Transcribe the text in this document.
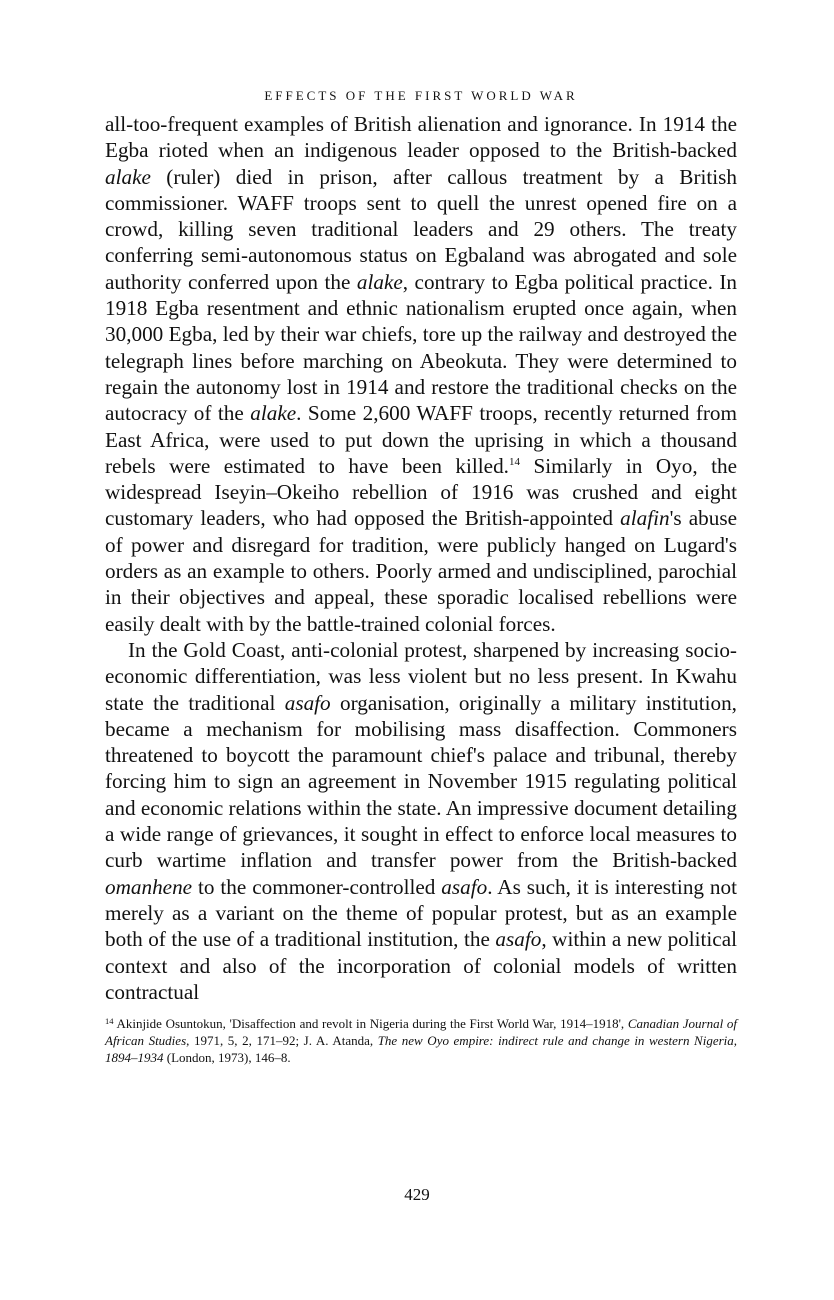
EFFECTS OF THE FIRST WORLD WAR

all-too-frequent examples of British alienation and ignorance. In 1914 the Egba rioted when an indigenous leader opposed to the British-backed alake (ruler) died in prison, after callous treatment by a British commissioner. WAFF troops sent to quell the unrest opened fire on a crowd, killing seven traditional leaders and 29 others. The treaty conferring semi-autonomous status on Egbaland was abrogated and sole authority conferred upon the alake, contrary to Egba political practice. In 1918 Egba resentment and ethnic nationalism erupted once again, when 30,000 Egba, led by their war chiefs, tore up the railway and destroyed the telegraph lines before marching on Abeokuta. They were determined to regain the autonomy lost in 1914 and restore the traditional checks on the autocracy of the alake. Some 2,600 WAFF troops, recently returned from East Africa, were used to put down the uprising in which a thousand rebels were estimated to have been killed.$^{14}$ Similarly in Oyo, the widespread Iseyin–Okeiho rebellion of 1916 was crushed and eight customary leaders, who had opposed the British-appointed alafin's abuse of power and disregard for tradition, were publicly hanged on Lugard's orders as an example to others. Poorly armed and undisciplined, parochial in their objectives and appeal, these sporadic localised rebellions were easily dealt with by the battle-trained colonial forces.

In the Gold Coast, anti-colonial protest, sharpened by increasing socio-economic differentiation, was less violent but no less present. In Kwahu state the traditional asafo organisation, originally a military institution, became a mechanism for mobilising mass disaffection. Commoners threatened to boycott the paramount chief's palace and tribunal, thereby forcing him to sign an agreement in November 1915 regulating political and economic relations within the state. An impressive document detailing a wide range of grievances, it sought in effect to enforce local measures to curb wartime inflation and transfer power from the British-backed omanhene to the commoner-controlled asafo. As such, it is interesting not merely as a variant on the theme of popular protest, but as an example both of the use of a traditional institution, the asafo, within a new political context and also of the incorporation of colonial models of written contractual

$^{14}$ Akinjide Osuntokun, 'Disaffection and revolt in Nigeria during the First World War, 1914–1918', Canadian Journal of African Studies, 1971, 5, 2, 171–92; J. A. Atanda, The new Oyo empire: indirect rule and change in western Nigeria, 1894–1934 (London, 1973), 146–8.
429
